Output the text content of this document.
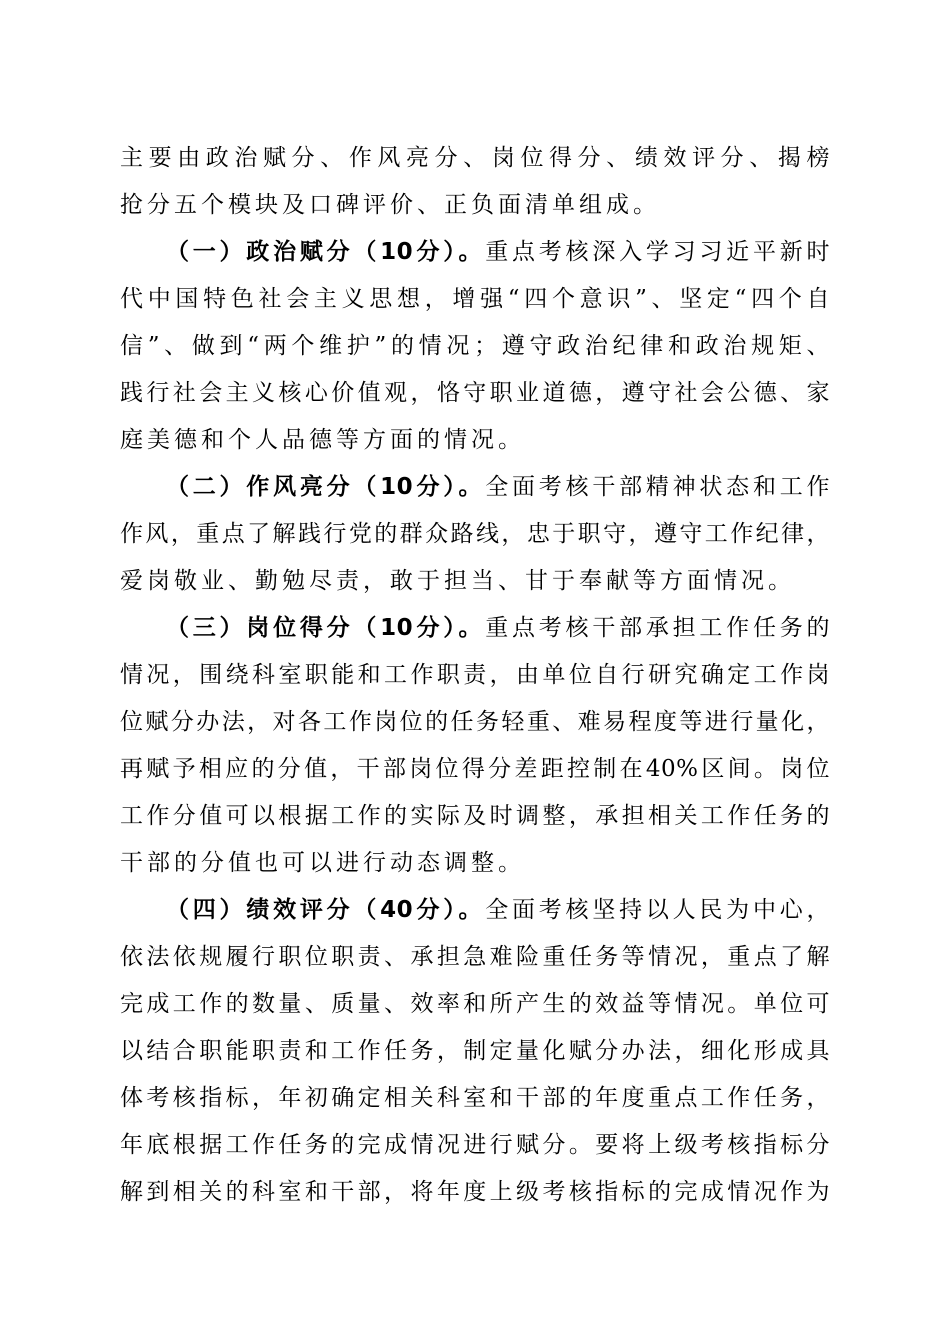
主要由政治赋分、作风亮分、岗位得分、绩效评分、揭榜
抢分五个模块及口碑评价、正负面清单组成。
（一）政治赋分（10分）。重点考核深入学习习近平新时
代中国特色社会主义思想，增强“四个意识”、坚定“四个自
信”、做到“两个维护”的情况；遵守政治纪律和政治规矩、
践行社会主义核心价值观，恪守职业道德，遵守社会公德、家
庭美德和个人品德等方面的情况。
（二）作风亮分（10分）。全面考核干部精神状态和工作
作风，重点了解践行党的群众路线，忠于职守，遵守工作纪律，
爱岗敬业、勤勉尽责，敢于担当、甘于奉献等方面情况。
（三）岗位得分（10分）。重点考核干部承担工作任务的
情况，围绕科室职能和工作职责，由单位自行研究确定工作岗
位赋分办法，对各工作岗位的任务轻重、难易程度等进行量化，
再赋予相应的分值，干部岗位得分差距控制在40%区间。岗位
工作分值可以根据工作的实际及时调整，承担相关工作任务的
干部的分值也可以进行动态调整。
（四）绩效评分（40分）。全面考核坚持以人民为中心，
依法依规履行职位职责、承担急难险重任务等情况，重点了解
完成工作的数量、质量、效率和所产生的效益等情况。单位可
以结合职能职责和工作任务，制定量化赋分办法，细化形成具
体考核指标，年初确定相关科室和干部的年度重点工作任务，
年底根据工作任务的完成情况进行赋分。要将上级考核指标分
解到相关的科室和干部，将年度上级考核指标的完成情况作为
